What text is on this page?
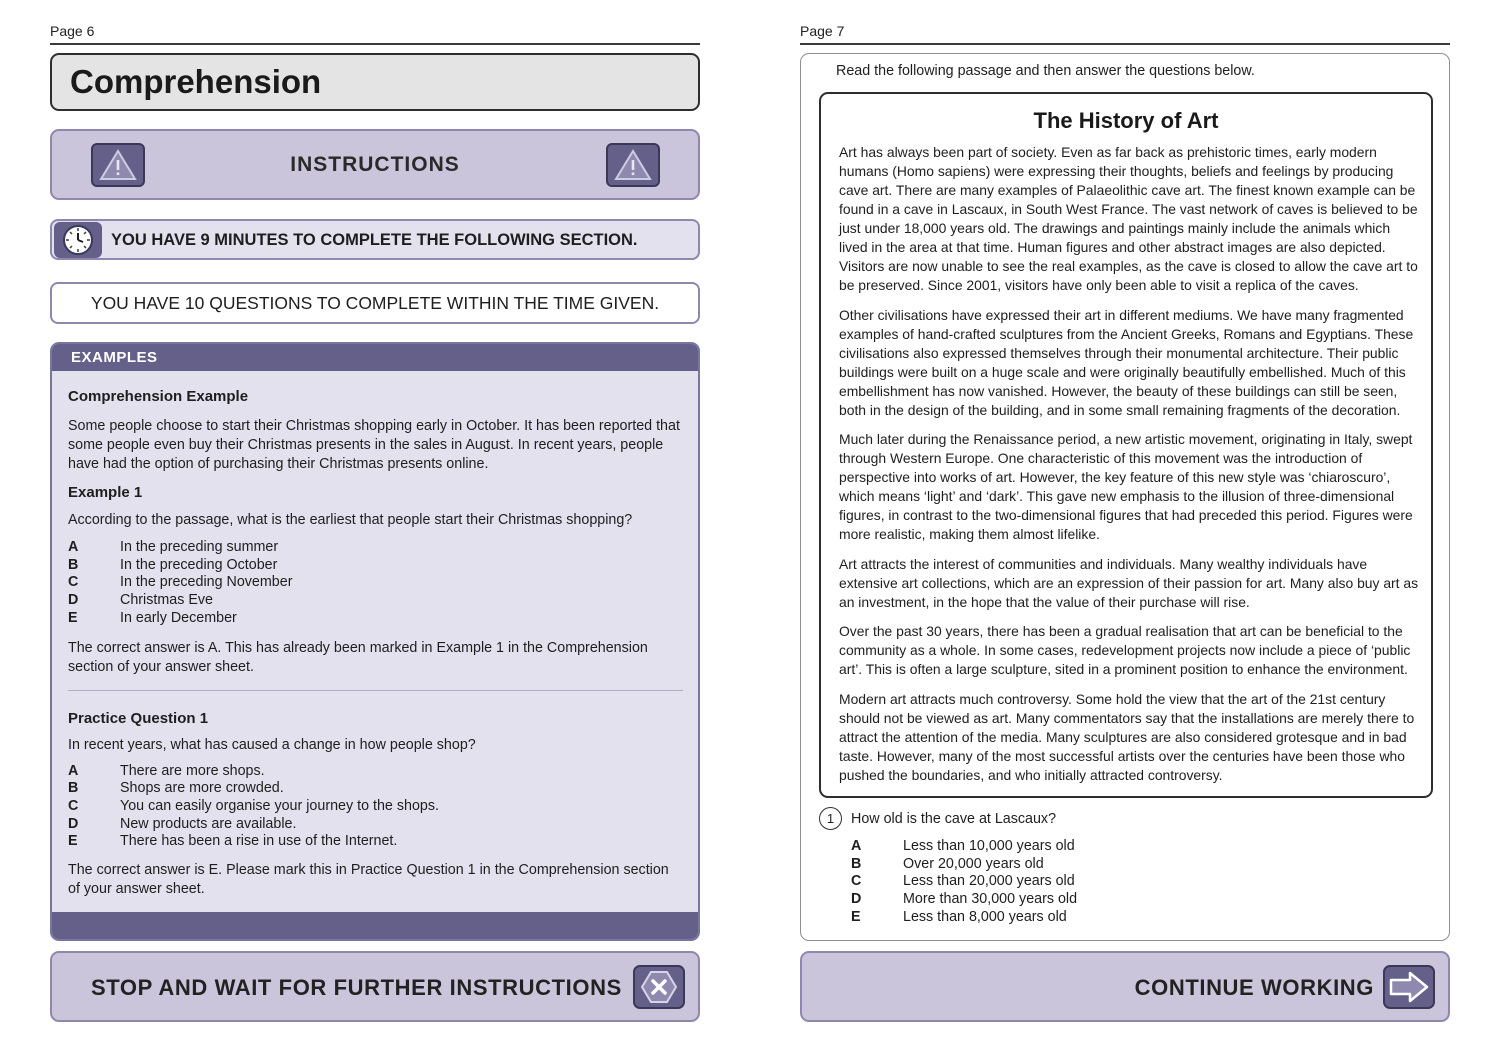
Page 6
Comprehension
INSTRUCTIONS
YOU HAVE 9 MINUTES TO COMPLETE THE FOLLOWING SECTION.
YOU HAVE 10 QUESTIONS TO COMPLETE WITHIN THE TIME GIVEN.
EXAMPLES

Comprehension Example

Some people choose to start their Christmas shopping early in October. It has been reported that some people even buy their Christmas presents in the sales in August. In recent years, people have had the option of purchasing their Christmas presents online.

Example 1

According to the passage, what is the earliest that people start their Christmas shopping?

A	In the preceding summer
B	In the preceding October
C	In the preceding November
D	Christmas Eve
E	In early December

The correct answer is A. This has already been marked in Example 1 in the Comprehension section of your answer sheet.

Practice Question 1

In recent years, what has caused a change in how people shop?

A	There are more shops.
B	Shops are more crowded.
C	You can easily organise your journey to the shops.
D	New products are available.
E	There has been a rise in use of the Internet.

The correct answer is E. Please mark this in Practice Question 1 in the Comprehension section of your answer sheet.

STOP AND WAIT FOR FURTHER INSTRUCTIONS
Page 7
Read the following passage and then answer the questions below.
The History of Art

Art has always been part of society. Even as far back as prehistoric times, early modern humans (Homo sapiens) were expressing their thoughts, beliefs and feelings by producing cave art. There are many examples of Palaeolithic cave art. The finest known example can be found in a cave in Lascaux, in South West France. The vast network of caves is believed to be just under 18,000 years old. The drawings and paintings mainly include the animals which lived in the area at that time. Human figures and other abstract images are also depicted. Visitors are now unable to see the real examples, as the cave is closed to allow the cave art to be preserved. Since 2001, visitors have only been able to visit a replica of the caves.

Other civilisations have expressed their art in different mediums. We have many fragmented examples of hand-crafted sculptures from the Ancient Greeks, Romans and Egyptians. These civilisations also expressed themselves through their monumental architecture. Their public buildings were built on a huge scale and were originally beautifully embellished. Much of this embellishment has now vanished. However, the beauty of these buildings can still be seen, both in the design of the building, and in some small remaining fragments of the decoration.

Much later during the Renaissance period, a new artistic movement, originating in Italy, swept through Western Europe. One characteristic of this movement was the introduction of perspective into works of art. However, the key feature of this new style was ‘chiaroscuro’, which means ‘light’ and ‘dark’. This gave new emphasis to the illusion of three-dimensional figures, in contrast to the two-dimensional figures that had preceded this period. Figures were more realistic, making them almost lifelike.

Art attracts the interest of communities and individuals. Many wealthy individuals have extensive art collections, which are an expression of their passion for art. Many also buy art as an investment, in the hope that the value of their purchase will rise.

Over the past 30 years, there has been a gradual realisation that art can be beneficial to the community as a whole. In some cases, redevelopment projects now include a piece of ‘public art’. This is often a large sculpture, sited in a prominent position to enhance the environment.

Modern art attracts much controversy. Some hold the view that the art of the 21st century should not be viewed as art. Many commentators say that the installations are merely there to attract the attention of the media. Many sculptures are also considered grotesque and in bad taste. However, many of the most successful artists over the centuries have been those who pushed the boundaries, and who initially attracted controversy.

1	How old is the cave at Lascaux?
A	Less than 10,000 years old
B	Over 20,000 years old
C	Less than 20,000 years old
D	More than 30,000 years old
E	Less than 8,000 years old
CONTINUE WORKING
